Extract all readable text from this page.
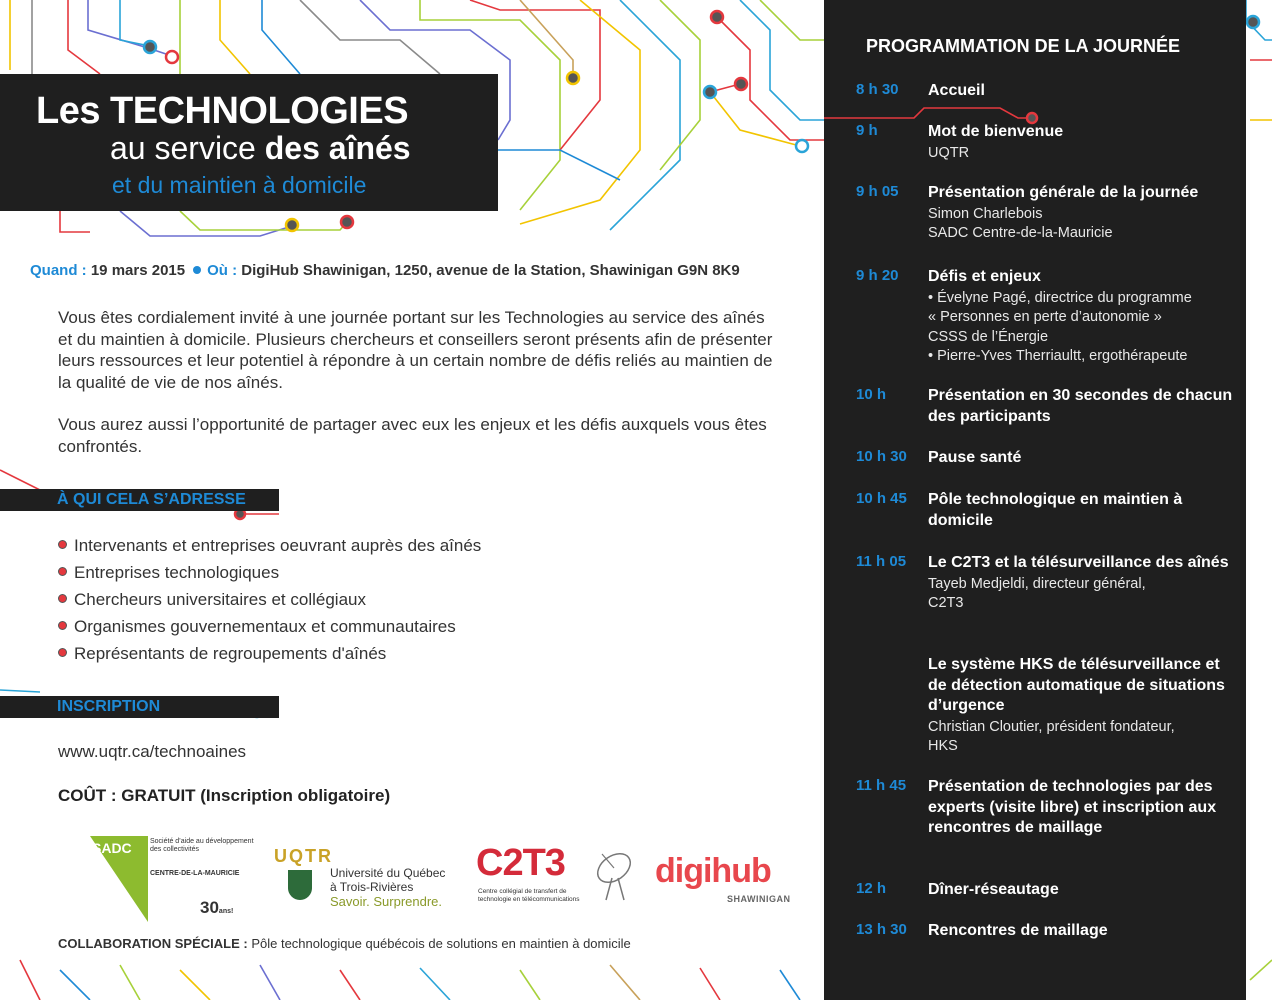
Les TECHNOLOGIES
au service des aînés
et du maintien à domicile
Quand : 19 mars 2015 Où : DigiHub Shawinigan, 1250, avenue de la Station, Shawinigan G9N 8K9

Vous êtes cordialement invité à une journée portant sur les Technologies au service des aînés et du maintien à domicile. Plusieurs chercheurs et conseillers seront présents afin de présenter leurs ressources et leur potentiel à répondre à un certain nombre de défis reliés au maintien de la qualité de vie de nos aînés.

Vous aurez aussi l’opportunité de partager avec eux les enjeux et les défis auxquels vous êtes confrontés.

À QUI CELA S’ADRESSE
Intervenants et entreprises oeuvrant auprès des aînés
Entreprises technologiques
Chercheurs universitaires et collégiaux
Organismes gouvernementaux et communautaires
Représentants de regroupements d'aînés
INSCRIPTION
www.uqtr.ca/technoaines
COÛT : GRATUIT (Inscription obligatoire)
SADC	Société d’aide au développement des collectivités
CENTRE-DE-LA-MAURICIE
30ans!
UQTR
Université du Québec à Trois-Rivières
Savoir. Surprendre.
C2T3
Centre collégial de transfert de technologie en télécommunications
digihub
SHAWINIGAN
COLLABORATION SPÉCIALE : Pôle technologique québécois de solutions en maintien à domicile
PROGRAMMATION DE LA JOURNÉE
8 h 30 Accueil
9 h	Mot de bienvenue
UQTR
9 h 05 Présentation générale de la journée
Simon Charlebois
SADC Centre-de-la-Mauricie
9 h 20 Défis et enjeux
• Évelyne Pagé, directrice du programme
« Personnes en perte d’autonomie »
CSSS de l’Énergie
• Pierre-Yves Therriaultt, ergothérapeute
10 h	Présentation en 30 secondes de chacun des participants
10 h 30 Pause santé
10 h 45 Pôle technologique en maintien à domicile
11 h 05 Le C2T3 et la télésurveillance des aînés
Tayeb Medjeldi, directeur général,
C2T3
Le système HKS de télésurveillance et de détection automatique de situations d’urgence
Christian Cloutier, président fondateur,
HKS
11 h 45 Présentation de technologies par des experts (visite libre) et inscription aux rencontres de maillage
12 h	Dîner-réseautage
13 h 30 Rencontres de maillage
